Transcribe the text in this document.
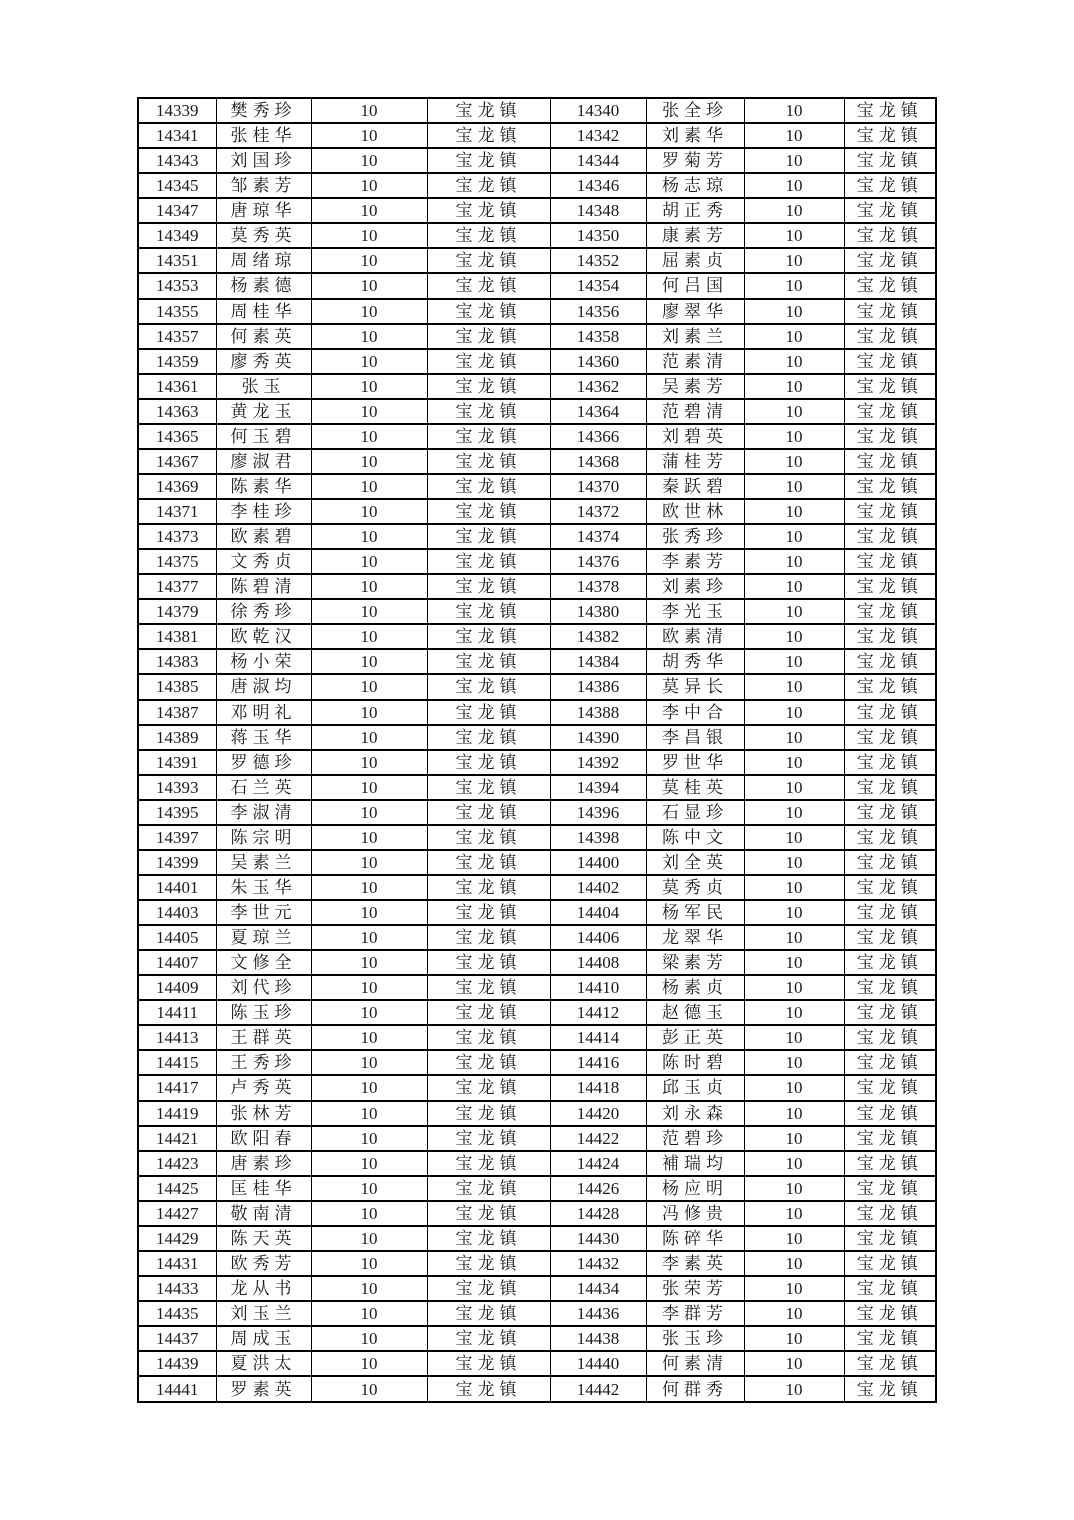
14339	樊秀珍	10	宝龙镇	14340	张全珍	10	宝龙镇
14341	张桂华	10	宝龙镇	14342	刘素华	10	宝龙镇
14343	刘国珍	10	宝龙镇	14344	罗菊芳	10	宝龙镇
14345	邹素芳	10	宝龙镇	14346	杨志琼	10	宝龙镇
14347	唐琼华	10	宝龙镇	14348	胡正秀	10	宝龙镇
14349	莫秀英	10	宝龙镇	14350	康素芳	10	宝龙镇
14351	周绪琼	10	宝龙镇	14352	屈素贞	10	宝龙镇
14353	杨素德	10	宝龙镇	14354	何吕国	10	宝龙镇
14355	周桂华	10	宝龙镇	14356	廖翠华	10	宝龙镇
14357	何素英	10	宝龙镇	14358	刘素兰	10	宝龙镇
14359	廖秀英	10	宝龙镇	14360	范素清	10	宝龙镇
14361	张玉	10	宝龙镇	14362	吴素芳	10	宝龙镇
14363	黄龙玉	10	宝龙镇	14364	范碧清	10	宝龙镇
14365	何玉碧	10	宝龙镇	14366	刘碧英	10	宝龙镇
14367	廖淑君	10	宝龙镇	14368	蒲桂芳	10	宝龙镇
14369	陈素华	10	宝龙镇	14370	秦跃碧	10	宝龙镇
14371	李桂珍	10	宝龙镇	14372	欧世林	10	宝龙镇
14373	欧素碧	10	宝龙镇	14374	张秀珍	10	宝龙镇
14375	文秀贞	10	宝龙镇	14376	李素芳	10	宝龙镇
14377	陈碧清	10	宝龙镇	14378	刘素珍	10	宝龙镇
14379	徐秀珍	10	宝龙镇	14380	李光玉	10	宝龙镇
14381	欧乾汉	10	宝龙镇	14382	欧素清	10	宝龙镇
14383	杨小荣	10	宝龙镇	14384	胡秀华	10	宝龙镇
14385	唐淑均	10	宝龙镇	14386	莫异长	10	宝龙镇
14387	邓明礼	10	宝龙镇	14388	李中合	10	宝龙镇
14389	蒋玉华	10	宝龙镇	14390	李昌银	10	宝龙镇
14391	罗德珍	10	宝龙镇	14392	罗世华	10	宝龙镇
14393	石兰英	10	宝龙镇	14394	莫桂英	10	宝龙镇
14395	李淑清	10	宝龙镇	14396	石显珍	10	宝龙镇
14397	陈宗明	10	宝龙镇	14398	陈中文	10	宝龙镇
14399	吴素兰	10	宝龙镇	14400	刘全英	10	宝龙镇
14401	朱玉华	10	宝龙镇	14402	莫秀贞	10	宝龙镇
14403	李世元	10	宝龙镇	14404	杨军民	10	宝龙镇
14405	夏琼兰	10	宝龙镇	14406	龙翠华	10	宝龙镇
14407	文修全	10	宝龙镇	14408	梁素芳	10	宝龙镇
14409	刘代珍	10	宝龙镇	14410	杨素贞	10	宝龙镇
14411	陈玉珍	10	宝龙镇	14412	赵德玉	10	宝龙镇
14413	王群英	10	宝龙镇	14414	彭正英	10	宝龙镇
14415	王秀珍	10	宝龙镇	14416	陈时碧	10	宝龙镇
14417	卢秀英	10	宝龙镇	14418	邱玉贞	10	宝龙镇
14419	张林芳	10	宝龙镇	14420	刘永森	10	宝龙镇
14421	欧阳春	10	宝龙镇	14422	范碧珍	10	宝龙镇
14423	唐素珍	10	宝龙镇	14424	補瑞均	10	宝龙镇
14425	匡桂华	10	宝龙镇	14426	杨应明	10	宝龙镇
14427	敬南清	10	宝龙镇	14428	冯修贵	10	宝龙镇
14429	陈天英	10	宝龙镇	14430	陈碎华	10	宝龙镇
14431	欧秀芳	10	宝龙镇	14432	李素英	10	宝龙镇
14433	龙从书	10	宝龙镇	14434	张荣芳	10	宝龙镇
14435	刘玉兰	10	宝龙镇	14436	李群芳	10	宝龙镇
14437	周成玉	10	宝龙镇	14438	张玉珍	10	宝龙镇
14439	夏洪太	10	宝龙镇	14440	何素清	10	宝龙镇
14441	罗素英	10	宝龙镇	14442	何群秀	10	宝龙镇
